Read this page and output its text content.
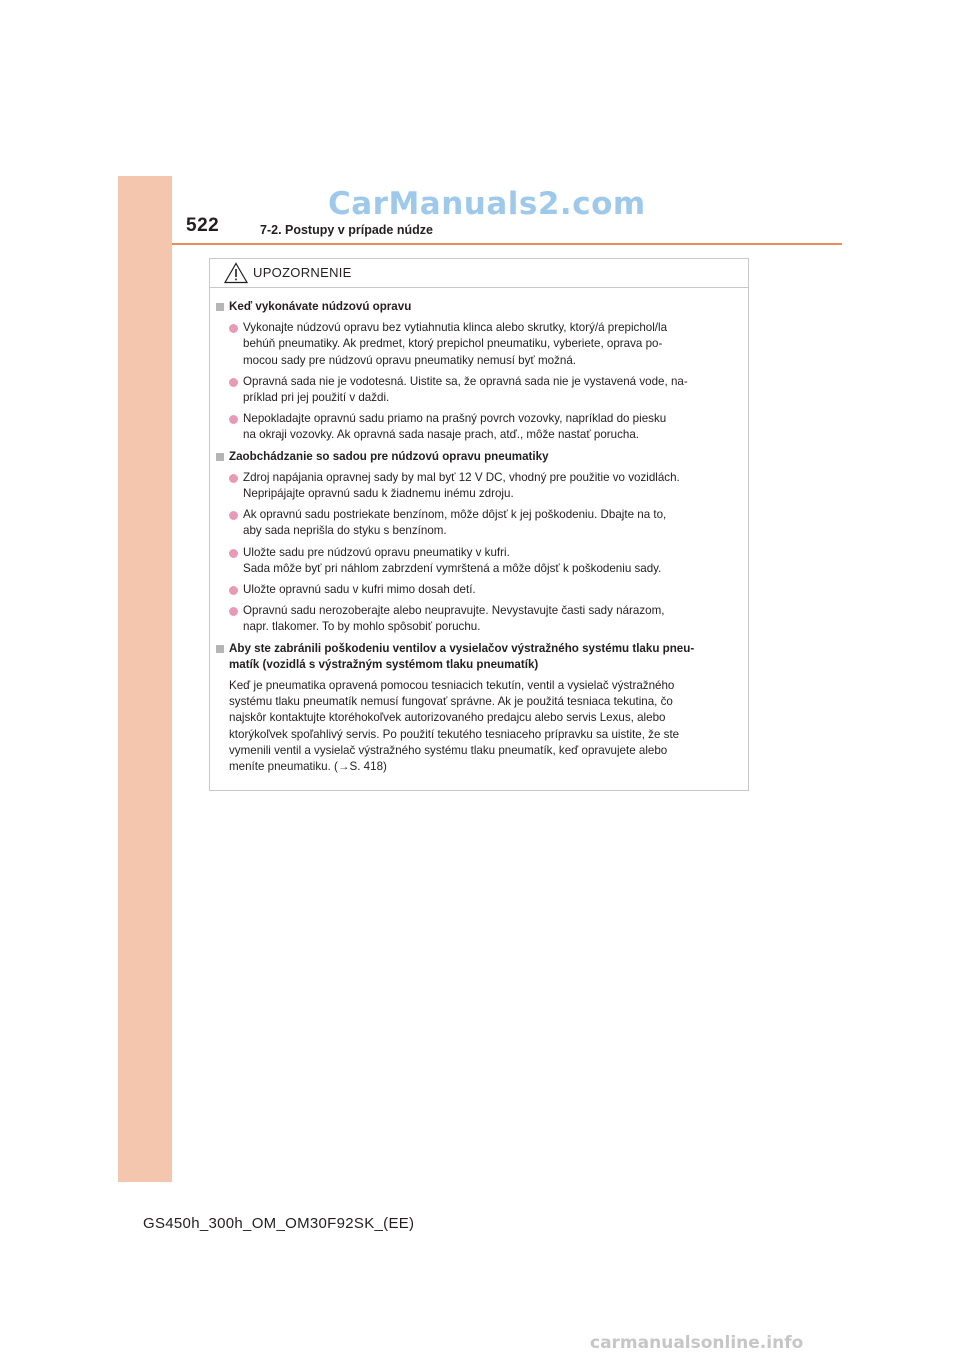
CarManuals2.com
522	7-2. Postupy v prípade núdze
UPOZORNENIE
Keď vykonávate núdzovú opravu
Vykonajte núdzovú opravu bez vytiahnutia klinca alebo skrutky, ktorý/á prepichol/la
behúň pneumatiky. Ak predmet, ktorý prepichol pneumatiku, vyberiete, oprava po-
mocou sady pre núdzovú opravu pneumatiky nemusí byť možná.
Opravná sada nie je vodotesná. Uistite sa, že opravná sada nie je vystavená vode, na-
príklad pri jej použití v daždi.
Nepokladajte opravnú sadu priamo na prašný povrch vozovky, napríklad do piesku
na okraji vozovky. Ak opravná sada nasaje prach, atď., môže nastať porucha.
Zaobchádzanie so sadou pre núdzovú opravu pneumatiky
Zdroj napájania opravnej sady by mal byť 12 V DC, vhodný pre použitie vo vozidlách.
Nepripájajte opravnú sadu k žiadnemu inému zdroju.
Ak opravnú sadu postriekate benzínom, môže dôjsť k jej poškodeniu. Dbajte na to,
aby sada neprišla do styku s benzínom.
Uložte sadu pre núdzovú opravu pneumatiky v kufri.
Sada môže byť pri náhlom zabrzdení vymrštená a môže dôjsť k poškodeniu sady.
Uložte opravnú sadu v kufri mimo dosah detí.
Opravnú sadu nerozoberajte alebo neupravujte. Nevystavujte časti sady nárazom,
napr. tlakomer. To by mohlo spôsobiť poruchu.
Aby ste zabránili poškodeniu ventilov a vysielačov výstražného systému tlaku pneu-
matík (vozidlá s výstražným systémom tlaku pneumatík)
Keď je pneumatika opravená pomocou tesniacich tekutín, ventil a vysielač výstražného
systému tlaku pneumatík nemusí fungovať správne. Ak je použitá tesniaca tekutina, čo
najskôr kontaktujte ktoréhokoľvek autorizovaného predajcu alebo servis Lexus, alebo
ktorýkoľvek spoľahlivý servis. Po použití tekutého tesniaceho prípravku sa uistite, že ste
vymenili ventil a vysielač výstražného systému tlaku pneumatík, keď opravujete alebo
meníte pneumatiku. (→S. 418)
GS450h_300h_OM_OM30F92SK_(EE)
carmanualsonline.info
